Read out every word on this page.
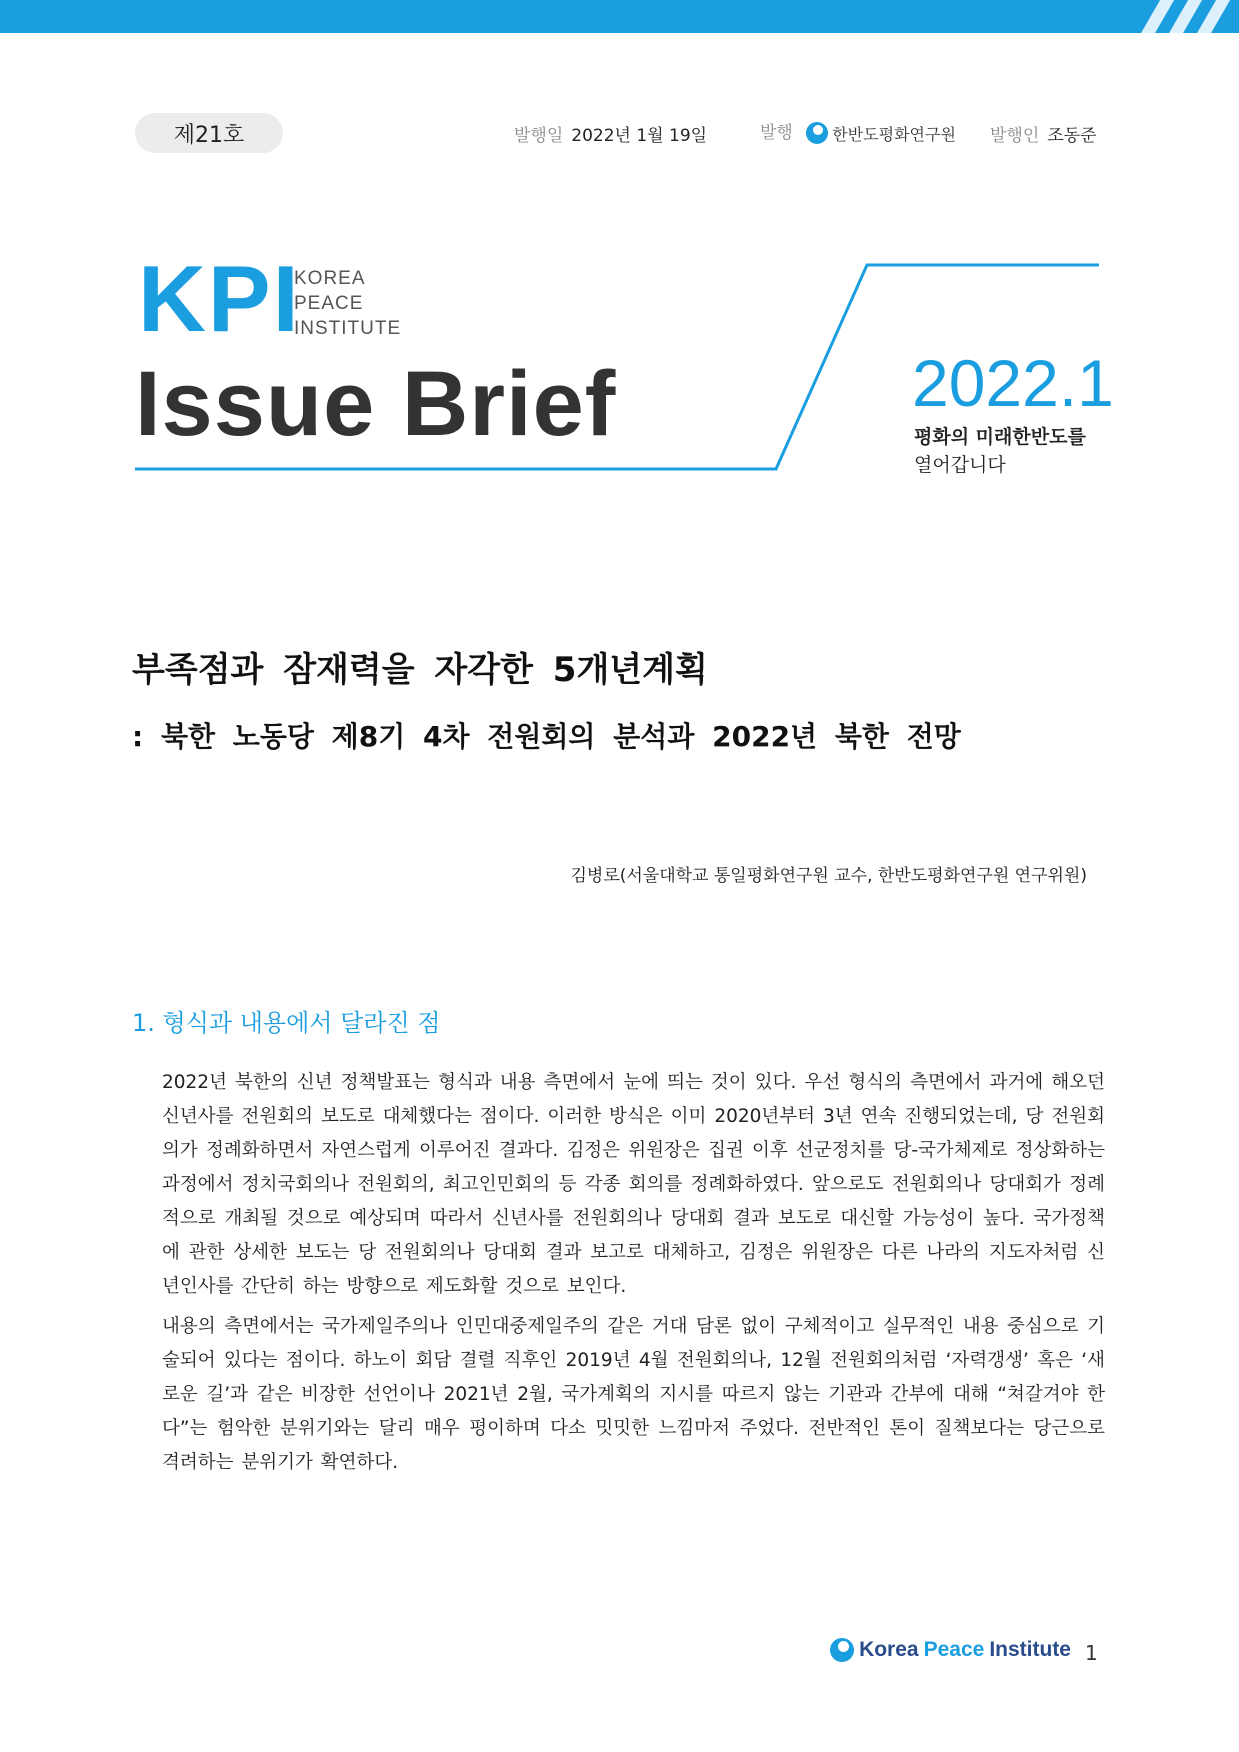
제21호	발행일 2022년 1월 19일	발행 한반도평화연구원 발행인 조동준
KPI
KOREA
PEACE
INSTITUTE
Issue Brief	2022.1
평화의 미래한반도를
열어갑니다
부족점과 잠재력을 자각한 5개년계획
: 북한 노동당 제8기 4차 전원회의 분석과 2022년 북한 전망
김병로(서울대학교 통일평화연구원 교수, 한반도평화연구원 연구위원)
1. 형식과 내용에서 달라진 점

2022년 북한의 신년 정책발표는 형식과 내용 측면에서 눈에 띄는 것이 있다. 우선 형식의 측면에서 과거에 해오던 신년사를 전원회의 보도로 대체했다는 점이다. 이러한 방식은 이미 2020년부터 3년 연속 진행되었는데, 당 전원회의가 정례화하면서 자연스럽게 이루어진 결과다. 김정은 위원장은 집권 이후 선군정치를 당-국가체제로 정상화하는 과정에서 정치국회의나 전원회의, 최고인민회의 등 각종 회의를 정례화하였다. 앞으로도 전원회의나 당대회가 정례적으로 개최될 것으로 예상되며 따라서 신년사를 전원회의나 당대회 결과 보도로 대신할 가능성이 높다. 국가정책에 관한 상세한 보도는 당 전원회의나 당대회 결과 보고로 대체하고, 김정은 위원장은 다른 나라의 지도자처럼 신년인사를 간단히 하는 방향으로 제도화할 것으로 보인다.

내용의 측면에서는 국가제일주의나 인민대중제일주의 같은 거대 담론 없이 구체적이고 실무적인 내용 중심으로 기술되어 있다는 점이다. 하노이 회담 결렬 직후인 2019년 4월 전원회의나, 12월 전원회의처럼 ‘자력갱생’ 혹은 ‘새로운 길’과 같은 비장한 선언이나 2021년 2월, 국가계획의 지시를 따르지 않는 기관과 간부에 대해 “쳐갈겨야 한다”는 험악한 분위기와는 달리 매우 평이하며 다소 밋밋한 느낌마저 주었다. 전반적인 톤이 질책보다는 당근으로 격려하는 분위기가 확연하다.

Korea Peace Institute 1
